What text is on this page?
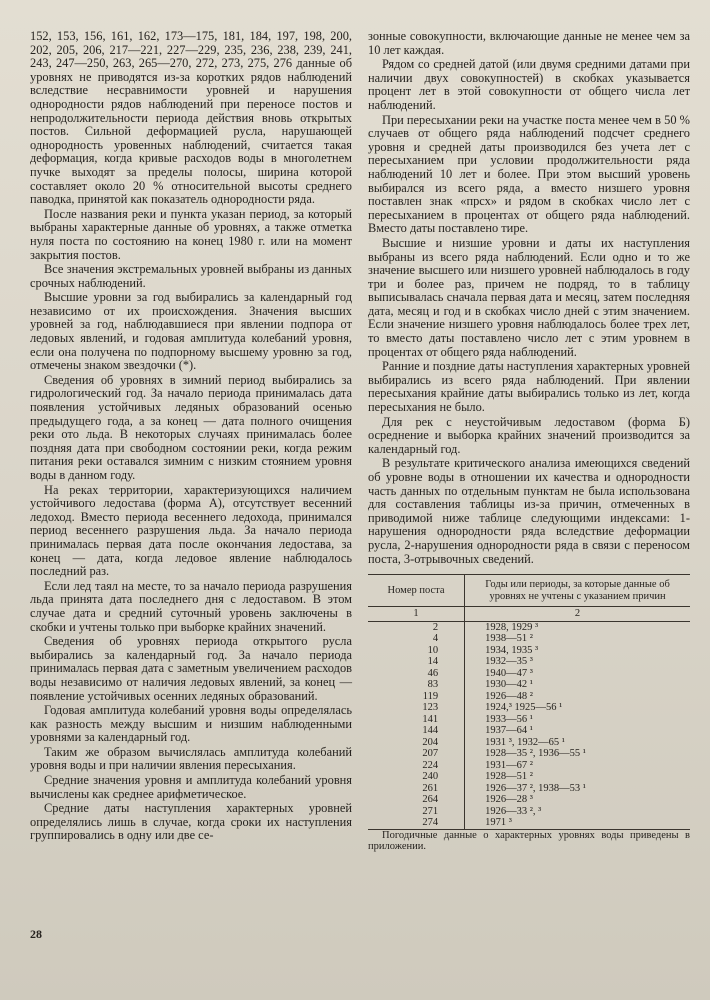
152, 153, 156, 161, 162, 173—175, 181, 184, 197, 198, 200, 202, 205, 206, 217—221, 227—229, 235, 236, 238, 239, 241, 243, 247—250, 263, 265—270, 272, 273, 275, 276 данные об уровнях не приводятся из-за коротких рядов наблюдений вследствие несравнимости уровней и нарушения однородности рядов наблюдений при переносе постов и непродолжительности периода действия вновь открытых постов. Сильной деформацией русла, нарушающей однородность уровенных наблюдений, считается такая деформация, когда кривые расходов воды в многолетнем пучке выходят за пределы полосы, ширина которой составляет около 20 % относительной высоты среднего паводка, принятой как показатель однородности ряда.

После названия реки и пункта указан период, за который выбраны характерные данные об уровнях, а также отметка нуля поста по состоянию на конец 1980 г. или на момент закрытия постов.

Все значения экстремальных уровней выбраны из данных срочных наблюдений.

Высшие уровни за год выбирались за календарный год независимо от их происхождения. Значения высших уровней за год, наблюдавшиеся при явлении подпора от ледовых явлений, и годовая амплитуда колебаний уровня, если она получена по подпорному высшему уровню за год, отмечены знаком звездочки (*).

Сведения об уровнях в зимний период выбирались за гидрологический год. За начало периода принималась дата появления устойчивых ледяных образований осенью предыдущего года, а за конец — дата полного очищения реки ото льда. В некоторых случаях принималась более поздняя дата при свободном состоянии реки, когда режим питания реки оставался зимним с низким стоянием уровня воды в данном году.

На реках территории, характеризующихся наличием устойчивого ледостава (форма А), отсутствует весенний ледоход. Вместо периода весеннего ледохода, принимался период весеннего разрушения льда. За начало периода принималась первая дата после окончания ледостава, за конец — дата, когда ледовое явление наблюдалось последний раз.

Если лед таял на месте, то за начало периода разрушения льда принята дата последнего дня с ледоставом. В этом случае дата и средний суточный уровень заключены в скобки и учтены только при выборке крайних значений.

Сведения об уровнях периода открытого русла выбирались за календарный год. За начало периода принималась первая дата с заметным увеличением расходов воды независимо от наличия ледовых явлений, за конец — появление устойчивых осенних ледяных образований.

Годовая амплитуда колебаний уровня воды определялась как разность между высшим и низшим наблюденными уровнями за календарный год.

Таким же образом вычислялась амплитуда колебаний уровня воды и при наличии явления пересыхания.

Средние значения уровня и амплитуда колебаний уровня вычислены как среднее арифметическое.

Средние даты наступления характерных уровней определялись лишь в случае, когда сроки их наступления группировались в одну или две се-

зонные совокупности, включающие данные не менее чем за 10 лет каждая.

Рядом со средней датой (или двумя средними датами при наличии двух совокупностей) в скобках указывается процент лет в этой совокупности от общего числа лет наблюдений.

При пересыхании реки на участке поста менее чем в 50 % случаев от общего ряда наблюдений подсчет среднего уровня и средней даты производился без учета лет с пересыханием при условии продолжительности ряда наблюдений 10 лет и более. При этом высший уровень выбирался из всего ряда, а вместо низшего уровня поставлен знак «прсх» и рядом в скобках число лет с пересыханием в процентах от общего ряда наблюдений. Вместо даты поставлено тире.

Высшие и низшие уровни и даты их наступления выбраны из всего ряда наблюдений. Если одно и то же значение высшего или низшего уровней наблюдалось в году три и более раз, причем не подряд, то в таблицу выписывалась сначала первая дата и месяц, затем последняя дата, месяц и год и в скобках число дней с этим значением. Если значение низшего уровня наблюдалось более трех лет, то вместо даты поставлено число лет с этим уровнем в процентах от общего ряда наблюдений.

Ранние и поздние даты наступления характерных уровней выбирались из всего ряда наблюдений. При явлении пересыхания крайние даты выбирались только из лет, когда пересыхания не было.

Для рек с неустойчивым ледоставом (форма Б) осреднение и выборка крайних значений производится за календарный год.

В результате критического анализа имеющихся сведений об уровне воды в отношении их качества и однородности часть данных по отдельным пунктам не была использована для составления таблицы из-за причин, отмеченных в приводимой ниже таблице следующими индексами: 1-нарушения однородности ряда вследствие деформации русла, 2-нарушения однородности ряда в связи с переносом поста, 3-отрывочных сведений.

Номер поста	Годы или периоды, за которые данные об уровнях не учтены с указанием причин
1	2
2	1928, 1929 ³
4	1938—51 ²
10	1934, 1935 ³
14	1932—35 ³
46	1940—47 ³
83	1930—42 ¹
119	1926—48 ²
123	1924,³ 1925—56 ¹
141	1933—56 ¹
144	1937—64 ¹
204	1931 ³, 1932—65 ¹
207	1928—35 ², 1936—55 ¹
224	1931—67 ²
240	1928—51 ²
261	1926—37 ², 1938—53 ¹
264	1926—28 ³
271	1926—33 ², ³
274	1971 ³

Погодичные данные о характерных уровнях воды приведены в приложении.

28
